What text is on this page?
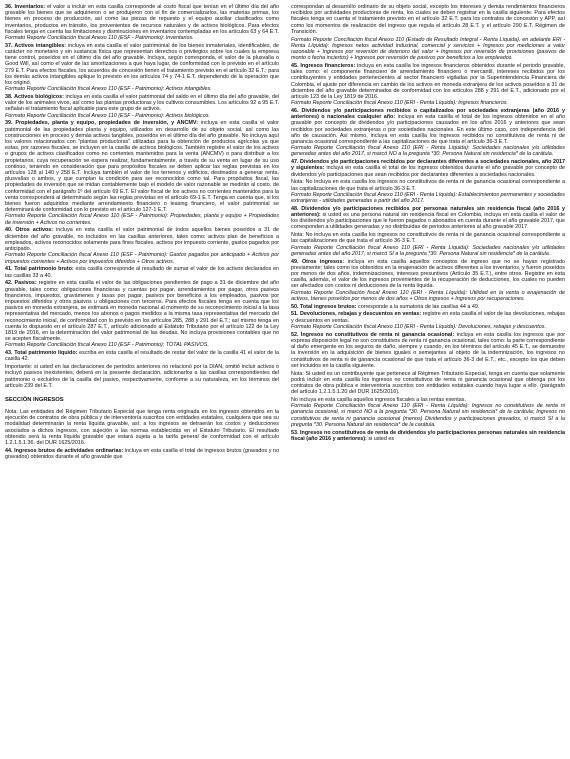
36. Inventarios: el valor a incluir en esta casilla corresponde al costo fiscal que tenían en el último día del año gravable los bienes que se adquirieron o se produjeron con el fin de comercializarlos, las materias primas, los bienes en proceso de producción, así como las piezas de repuesto y el equipo auxiliar clasificados como inventarios, productos en tránsito, los provenientes de recursos naturales y de activos biológicos. Para efectos fiscales tenga en cuenta las limitaciones y disminuciones en inventarios contempladas en los artículos 63 y 64 E.T.
Formato Reporte Conciliación fiscal Anexo 110 (ESF - Patrimonio): Inventarios.

37. Activos intangibles: incluya en esta casilla el valor patrimonial de los bienes inmateriales, identificables, de carácter no monetario y sin sustancia física que representan derechos o privilegios sobre los cuales la empresa tiene control, poseídos en el último día del año gravable. Incluya, según corresponda, el valor de la plusvalía o Good Will, así como el valor de las amortizaciones a que haya lugar, de conformidad con lo previsto en el artículo 279 E.T. Para efectos fiscales, los acuerdos de concesión tienen el tratamiento previsto en el artículo 32 E.T.; para los demás activos intangibles aplique lo previsto en los artículos 74 y 74-1 E.T. dependiendo de la operación que los originó.
Formato Reporte Conciliación fiscal Anexo 110 (ESF - Patrimonio): Activos intangibles.

38. Activos biológicos: incluya en esta casilla el valor patrimonial del saldo en el último día del año gravable, del valor de los animales vivos, así como las plantas productoras y los cultivos consumibles. Los artículos 92 a 95 E.T. señalan el tratamiento fiscal aplicable para este grupo de activos.
Formato Reporte Conciliación fiscal Anexo 110 (ESF - Patrimonio): Activos biológicos.

39. Propiedades, planta y equipo, propiedades de inversión, y ANCMV: incluya en esta casilla el valor patrimonial de las propiedades planta y equipo, utilizados en desarrollo de su objeto social, así como las construcciones en proceso y demás activos tangibles, poseídos en el último día del año gravable. No incluya aquí los valores relacionados con "plantas productoras" utilizadas para la obtención de productos agrícolas ya que estas, por razones fiscales, se incluyen en la casilla de activos biológicos. También registre el valor de los activos o grupos de activos clasificados como no corrientes mantenidos para la venta (ANCMV) o para distribuir a los propietarios, cuya recuperación se espera realizar, fundamentalmente, a través de su venta en lugar de su uso continuo, teniendo en consideración que para propósitos fiscales se deben aplicar las reglas previstas en los artículos 128 al 140 y 258 E.T. Incluya también el valor de los terrenos y edificios, destinados a generar renta, plusvalías o ambos, y que cumplan la condición para ser reconocidos como tal. Para propósitos fiscal, las propiedades de inversión que se midan contablemente bajo el modelo de valor razonable se medirán al costo, de conformidad con el parágrafo 1º del artículo 69 E.T. El valor fiscal de los activos no corrientes mantenidos para la venta corresponderá al determinado según las reglas previstas en el artículo 69-1 E.T. Tenga en cuenta que, si los bienes fueron adquiridos mediante arrendamiento financiero o leasing financiero, el valor patrimonial se determinará de conformidad con lo previsto en el artículo 127-1 E.T.
Formato Reporte Conciliación fiscal Anexo 110 (ESF - Patrimonio): Propiedades, planta y equipo + Propiedades de inversión + Activos no corrientes.

40. Otros activos: incluya en esta casilla el valor patrimonial de todos aquellos bienes poseídos a 31 de diciembre del año gravable, no incluidos en las casillas anteriores, tales como: activos plan de beneficios a empleados, activos reconocidos solamente para fines fiscales, activos por impuesto corriente, gastos pagados por anticipado.
Formato Reporte Conciliación fiscal Anexo 110 (ESF - Patrimonio): Gastos pagados por anticipado + Activos por impuestos corrientes + Activos por impuestos diferidos + Otros activos.

41. Total patrimonio bruto: esta casilla corresponde al resultado de sumar el valor de los activos declarados en las casillas 33 a 40.

42. Pasivos: registre en esta casilla el valor de las obligaciones pendientes de pago a 31 de diciembre del año gravable, tales como: obligaciones financieras y cuentas por pagar, arrendamientos por pagar, otros pasivos financieros, impuestos, gravámenes y tasas por pagar, pasivos por beneficios a los empleados, pasivos por impuestos diferidos y otros pasivos u obligaciones con terceros. Para efectos fiscales tenga en cuenta que los pasivos en moneda extranjera, se estimará en moneda nacional al momento de su reconocimiento inicial a la tasa representativa del mercado, menos los abonos o pagos medidos a la misma tasa representativa del mercado del reconocimiento inicial, de conformidad con lo previsto en los artículos 285, 288 y 291 del E.T.; así mismo tenga en cuenta lo dispuesto en el artículo 287 E.T., artículo adicionado al Estatuto Tributario por el artículo 122 de la Ley 1819 de 2016, en la determinación del valor patrimonial de las deudas. No incluya provisiones contables que no se acepten fiscalmente.
Formato Reporte Conciliación fiscal Anexo 110 (ESF - Patrimonio): TOTAL PASIVOS.

43. Total patrimonio líquido: escriba en esta casilla el resultado de restar del valor de la casilla 41 el valor de la casilla 42.

Importante: si usted en las declaraciones de periodos anteriores no relacionó por la DIAN, omitió incluir activos o incluyó pasivos inexistentes, deberá en la presente declaración, adicionarlos a las casillas correspondientes del patrimonio o excluirlos de la casilla del pasivo, respectivamente, conforme a su naturaleza, en los términos del artículo 239 del E.T.

SECCIÓN INGRESOS

Nota: Las entidades del Régimen Tributario Especial que tenga renta originada en los ingresos obtenidos en la ejecución de contratos de obra pública y de interventoría suscritos con entidades estatales, cualquiera que sea su modalidad determinarán la renta líquida gravable, así: a los ingresos se detraerán los costos y deducciones asociados a dichos ingresos, con sujeción a las normas establecidas en el Estatuto Tributario. El resultado obtenido será la renta líquida gravable que estará sujeta a la tarifa general de conformidad con el artículo 1.2.1.5.1.36. del DUR 1625/2016.

44. Ingresos brutos de actividades ordinarias: incluya en esta casilla el total de ingresos brutos (gravados y no gravados) obtenidos durante el año gravable que

correspondan al desarrollo ordinario de su objeto social, excepto los intereses y demás rendimientos financieros recibidos por actividades productoras de renta, los cuales se deben registrar en la casilla siguiente. Para efectos fiscales tenga en cuenta el tratamiento previsto en el artículo 32 E.T. para los contratos de concesión y APP, así como los momentos de realización del ingreso que regula el artículo 28 E.T. y el artículo 290 E.T. Régimen de Transición.

Formato Reporte Conciliación fiscal Anexo 110 (Estado de Resultado Integral - Renta Líquida), en adelante ERI - Renta Líquida): Ingresos netos actividad industrial, comercial y servicios + Ingresos por mediciones a valor razonable + Ingresos por reversión de deterioro del valor + Ingresos por reversión de provisiones (pasivos de monto o fecha inciertos) + Ingresos por reversión de pasivos por beneficios a los empleados.

45. Ingresos financieros: incluya en esta casilla los ingresos financieros obtenidos durante el periodo gravable, tales como: el componente financiero de arrendamiento financiero o mercantil, intereses recibidos por los contribuyentes y entidades pertenecientes al sector financiero vigiladas por la Superintendencia Financiera de Colombia, el ajuste por diferencia en cambio de los activos en moneda extranjera de los activos poseídos a 31 de diciembre del año gravable determinados de conformidad con los artículos 288 y 291 del E.T., adicionado por el artículo 123 de la Ley 1819 de 2016.
Formato Reporte Conciliación fiscal Anexo 110 (ERI - Renta Líquida): Ingresos financieros.

46. Dividendos y/o participaciones recibidos o capitalizados por sociedades extranjeras (año 2016 y anteriores) o nacionales cualquier año: incluya en esta casilla el total de los ingresos obtenidos en el año gravable por concepto de dividendos y/o participaciones causados en los años 2016 y anteriores que sean recibidos por sociedades extranjeras o por sociedades nacionales. En este último caso, con independencia del año de causación. Así mismo, incluya en esta casilla los ingresos recibidos no constitutivos de renta ni de ganancia ocasional correspondiente a las capitalizaciones de que trata el artículo 36-3 E.T.
Formato Reporte Conciliación fiscal Anexo 110 (ERI - Renta Líquida): Sociedades nacionales y/o utilidades generadas antes del año 2017, si marcó NO a la pregunta *30. Persona Natural sin residencia* de la carátula.

47. Dividendos y/o participaciones recibidos por declarantes diferentes a sociedades nacionales, año 2017 y siguientes: incluya en esta casilla el total de los ingresos obtenidos durante el año gravable por concepto de dividendos y/o participaciones que sean recibidos por declarantes diferentes a sociedades nacionales.

Nota: No incluya en esta casilla los ingresos no constitutivos de renta ni de ganancia ocasional correspondiente a las capitalizaciones de que trata el artículo 36-3 E.T.
Formato Reporte Conciliación fiscal Anexo 110 (ERI - Renta Líquida): Establecimientos permanentes y sociedades extranjeras - utilidades generadas a partir del año 2017.

48. Dividendos y/o participaciones recibidos por personas naturales sin residencia fiscal (año 2016 y anteriores): si usted es una persona natural sin residencia fiscal en Colombia, incluya en esta casilla el valor de los dividendos y/o participaciones que le fueron pagados o abonados en cuenta durante el año gravable 2017, que corresponden a utilidades generadas y no distribuidas de periodos anteriores al año gravable 2017.

Nota: No incluya en esta casilla los ingresos no constitutivos de renta ni de ganancia ocasional correspondiente a las capitalizaciones de que trata el artículo 36-3 E.T.
Formato Reporte Conciliación fiscal Anexo 110 (ERI - Renta Líquida): Sociedades nacionales y/o utilidades generadas antes del año 2017, si marcó SI a la pregunta *30. Persona Natural sin residencia* de la carátula.

49. Otros ingresos: incluya en esta casilla aquellos conceptos de ingreso que no se hayan registrado previamente; tales como los obtenidos en la enajenación de activos diferentes a los inventarios, y fueron poseídos por menos de dos años, indemnizaciones, intereses presuntivos (Artículo 35 E.T.), entre otros. Registre en esta casilla, además, el valor de los ingresos provenientes de la recuperación de deducciones, los cuales no pueden ser afectados con costos ni deducciones de la renta líquida.
Formato Reporte Conciliación fiscal Anexo 110 (ERI - Renta Líquida): Utilidad en la venta o enajenación de activos, bienes poseídos por menos de dos años + Otros ingresos + Ingresos por recuperaciones.

50. Total ingresos brutos: corresponde a la sumatoria de las casillas 44 a 49.

51. Devoluciones, rebajas y descuentos en ventas: registre en esta casilla el valor de las devoluciones, rebajas y descuentos en ventas.
Formato Reporte Conciliación fiscal Anexo 110 (ERI - Renta Líquida): Devoluciones, rebajas y descuentos.

52. Ingresos no constitutivos de renta ni ganancia ocasional: incluya en esta casilla los ingresos que por expresa disposición legal no son constitutivos de renta ni ganancia ocasional, tales como: la parte correspondiente al daño emergente en los seguros de daño, siempre y cuando, en los términos del artículo 45 E.T., se demuestre la inversión en la adquisición de bienes iguales o semejantes al objeto de la indemnización, los ingresos no constitutivos de renta ni de ganancia ocasional de que trata el artículo 36-3 del E.T., etc., excepto los que deben ser incluidos en la casilla siguiente.

Nota: Si usted es un contribuyente que pertenece al Régimen Tributario Especial, tenga en cuenta que solamente podrá incluir en esta casilla los ingresos no constitutivos de renta ni ganancia ocasional que obtenga por los contratos de obra pública e interventoría suscritos con entidades estatales cuando haya lugar a ello. (parágrafo del artículo 1.2.1.5.1.20 del DUR 1625/2016).

No incluya en esta casilla aquellos ingresos fiscales a las rentas exentas.
Formato Reporte Conciliación fiscal Anexo 110 (ERI - Renta Líquida): Ingresos no constitutivos de renta ni ganancia ocasional, si marcó NO a la pregunta *30. Persona Natural sin residencia* de la carátula; Ingresos no constitutivos de renta ni ganancia ocasional (menos) Dividendos y participaciones gravados, si marcó SI a la pregunta *30. Persona Natural sin residencia* de la carátula.

53. Ingresos no constitutivos de renta de dividendos y/o participaciones personas naturales sin residencia fiscal (año 2016 y anteriores): si usted es
